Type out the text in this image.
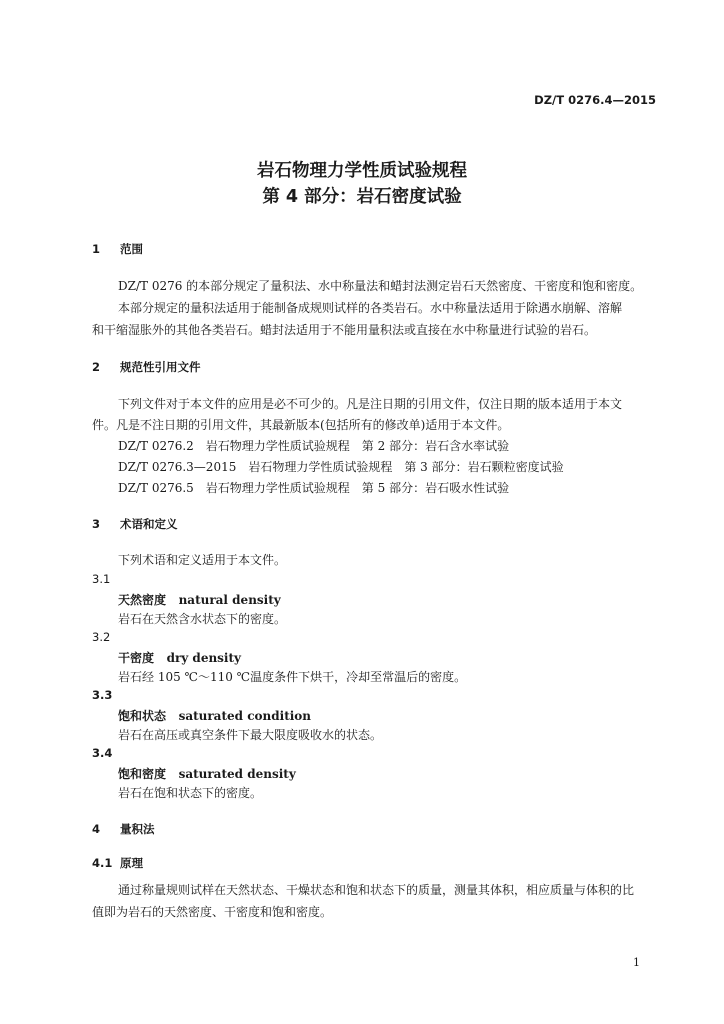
DZ/T 0276.4—2015
岩石物理力学性质试验规程
第 4 部分：岩石密度试验
1 范围
DZ/T 0276 的本部分规定了量积法、水中称量法和蜡封法测定岩石天然密度、干密度和饱和密度。
本部分规定的量积法适用于能制备成规则试样的各类岩石。水中称量法适用于除遇水崩解、溶解
和干缩湿胀外的其他各类岩石。蜡封法适用于不能用量积法或直接在水中称量进行试验的岩石。
2 规范性引用文件
下列文件对于本文件的应用是必不可少的。凡是注日期的引用文件，仅注日期的版本适用于本文
件。凡是不注日期的引用文件，其最新版本(包括所有的修改单)适用于本文件。
DZ/T 0276.2　岩石物理力学性质试验规程　第 2 部分：岩石含水率试验
DZ/T 0276.3—2015　岩石物理力学性质试验规程　第 3 部分：岩石颗粒密度试验
DZ/T 0276.5　岩石物理力学性质试验规程　第 5 部分：岩石吸水性试验
3 术语和定义
下列术语和定义适用于本文件。
3.1
天然密度 natural density
岩石在天然含水状态下的密度。
3.2
干密度 dry density
岩石经 105 ℃～110 ℃温度条件下烘干，冷却至常温后的密度。
3.3
饱和状态 saturated condition
岩石在高压或真空条件下最大限度吸收水的状态。
3.4
饱和密度 saturated density
岩石在饱和状态下的密度。
4 量积法
4.1 原理
通过称量规则试样在天然状态、干燥状态和饱和状态下的质量，测量其体积，相应质量与体积的比
值即为岩石的天然密度、干密度和饱和密度。
1
